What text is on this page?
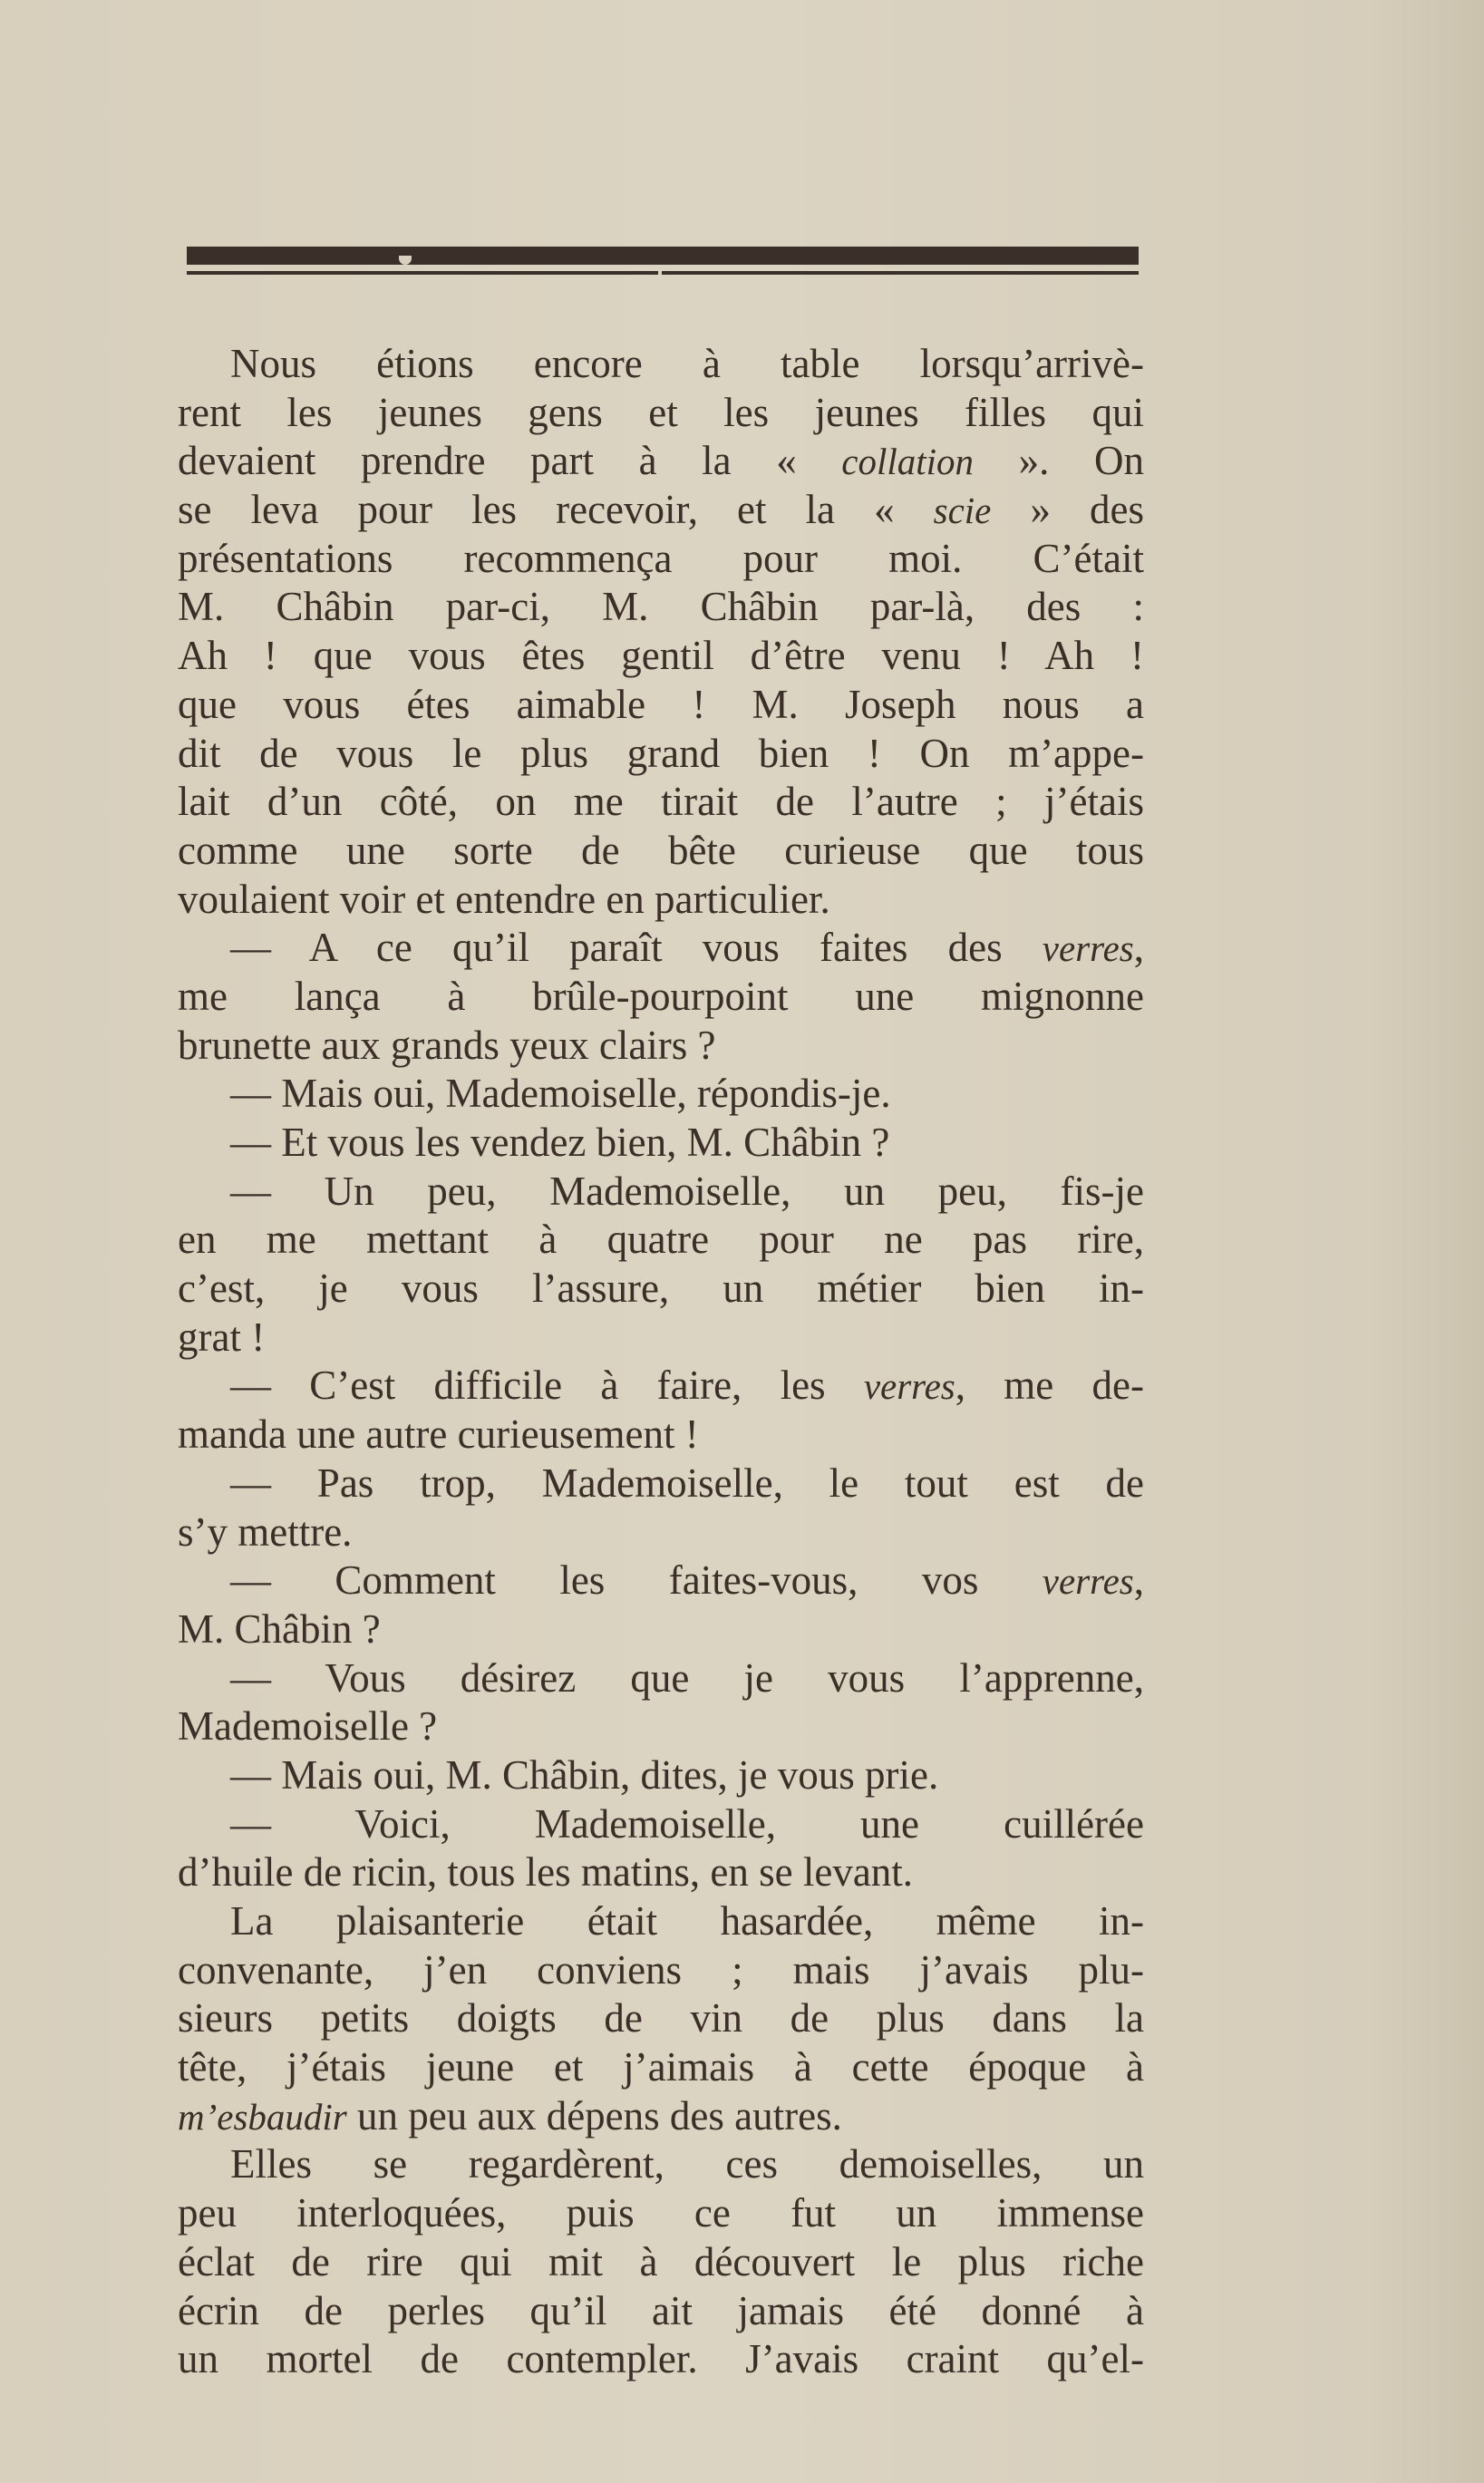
Nous étions encore à table lorsqu’arrivè-
rent les jeunes gens et les jeunes filles qui
devaient prendre part à la « collation ». On
se leva pour les recevoir, et la « scie » des
présentations recommença pour moi. C’était
M. Châbin par-ci, M. Châbin par-là, des :
Ah ! que vous êtes gentil d’être venu ! Ah !
que vous étes aimable ! M. Joseph nous a
dit de vous le plus grand bien ! On m’appe-
lait d’un côté, on me tirait de l’autre ; j’étais
comme une sorte de bête curieuse que tous
voulaient voir et entendre en particulier.
— A ce qu’il paraît vous faites des verres,
me lança à brûle-pourpoint une mignonne
brunette aux grands yeux clairs ?
— Mais oui, Mademoiselle, répondis-je.
— Et vous les vendez bien, M. Châbin ?
— Un peu, Mademoiselle, un peu, fis-je
en me mettant à quatre pour ne pas rire,
c’est, je vous l’assure, un métier bien in-
grat !
— C’est difficile à faire, les verres, me de-
manda une autre curieusement !
— Pas trop, Mademoiselle, le tout est de
s’y mettre.
— Comment les faites-vous, vos verres,
M. Châbin ?
— Vous désirez que je vous l’apprenne,
Mademoiselle ?
— Mais oui, M. Châbin, dites, je vous prie.
— Voici, Mademoiselle, une cuillérée
d’huile de ricin, tous les matins, en se levant.
La plaisanterie était hasardée, même in-
convenante, j’en conviens ; mais j’avais plu-
sieurs petits doigts de vin de plus dans la
tête, j’étais jeune et j’aimais à cette époque à
m’esbaudir un peu aux dépens des autres.
Elles se regardèrent, ces demoiselles, un
peu interloquées, puis ce fut un immense
éclat de rire qui mit à découvert le plus riche
écrin de perles qu’il ait jamais été donné à
un mortel de contempler. J’avais craint qu’el-
